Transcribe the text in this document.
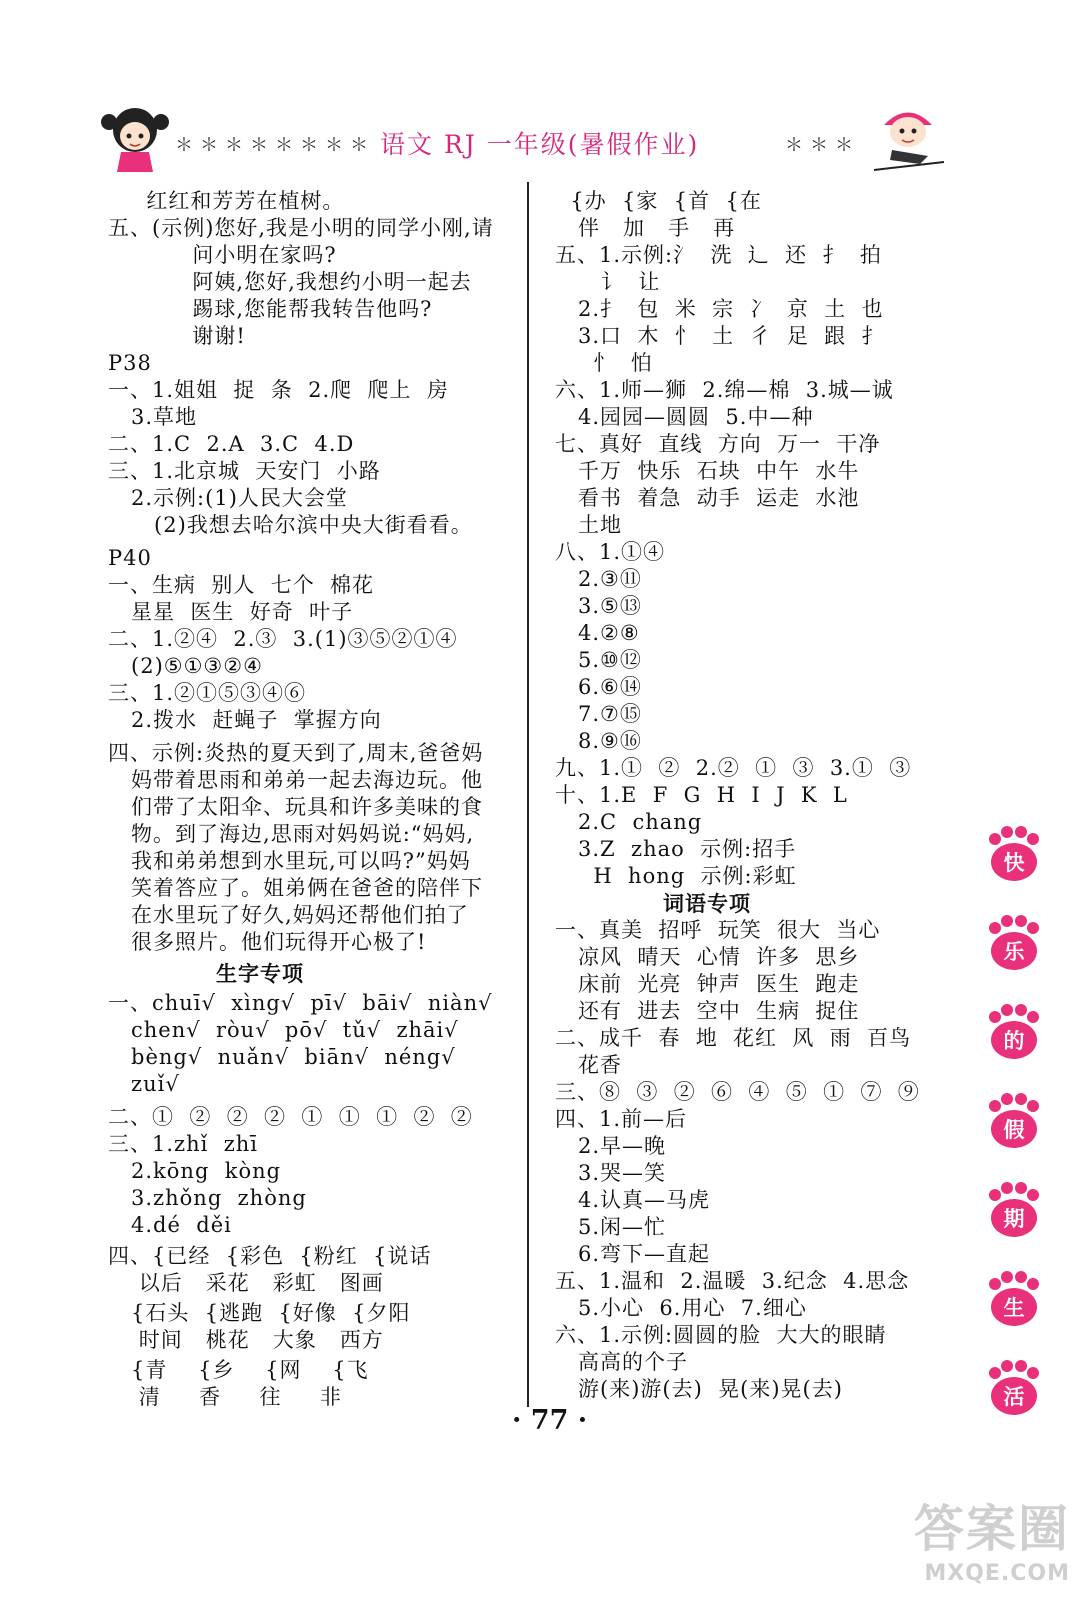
＊＊＊＊＊＊＊＊ 语文 RJ 一年级(暑假作业)	＊＊＊
红红和芳芳在植树。
五、(示例)您好,我是小明的同学小刚,请
问小明在家吗?
阿姨,您好,我想约小明一起去
踢球,您能帮我转告他吗?
谢谢!
P38
一、1.姐姐  捉  条  2.爬  爬上  房
3.草地
二、1.C  2.A  3.C  4.D
三、1.北京城  天安门  小路
2.示例:(1)人民大会堂
(2)我想去哈尔滨中央大街看看。
P40
一、生病  别人  七个  棉花
星星  医生  好奇  叶子
二、1.②④  2.③  3.(1)③⑤②①④
(2)⑤①③②④
三、1.②①⑤③④⑥
2.拨水  赶蝇子  掌握方向
四、示例:炎热的夏天到了,周末,爸爸妈
妈带着思雨和弟弟一起去海边玩。他
们带了太阳伞、玩具和许多美味的食
物。到了海边,思雨对妈妈说:“妈妈,
我和弟弟想到水里玩,可以吗?”妈妈
笑着答应了。姐弟俩在爸爸的陪伴下
在水里玩了好久,妈妈还帮他们拍了
很多照片。他们玩得开心极了!
生字专项
一、chuī√  xìng√  pī√  bāi√  niàn√
chen√  ròu√  pō√  tǔ√  zhāi√
bèng√  nuǎn√  biān√  néng√
zuǐ√
二、①  ②  ②  ②  ①  ①  ①  ②  ②
三、1.zhǐ  zhī
2.kōng  kòng
3.zhǒng  zhòng
4.dé  děi
四、{已经  {彩色  {粉红  {说话
以后   采花   彩虹   图画
{石头  {逃跑  {好像  {夕阳
时间   桃花   大象   西方
{青    {乡    {网    {飞
清     香     往     非
{办  {家  {首  {在
伴   加   手   再
五、1.示例:氵  洗  辶  还  扌  拍
讠  让
2.扌  包  米  宗  冫  京  土  也
3.口  木  忄  土  彳  足  跟  扌
忄  怕
六、1.师—狮  2.绵—棉  3.城—诚
4.园园—圆圆  5.中—种
七、真好  直线  方向  万一  干净
千万  快乐  石块  中午  水牛
看书  着急  动手  运走  水池
土地
八、1.①④
2.③⑪
3.⑤⑬
4.②⑧
5.⑩⑫
6.⑥⑭
7.⑦⑮
8.⑨⑯
九、1.①  ②  2.②  ①  ③  3.①  ③
十、1.E  F  G  H  I  J  K  L
2.C  chang
3.Z  zhao  示例:招手
H  hong  示例:彩虹
词语专项
一、真美  招呼  玩笑  很大  当心
凉风  晴天  心情  许多  思乡
床前  光亮  钟声  医生  跑走
还有  进去  空中  生病  捉住
二、成千  春  地  花红  风  雨  百鸟
花香
三、⑧  ③  ②  ⑥  ④  ⑤  ①  ⑦  ⑨
四、1.前—后
2.早—晚
3.哭—笑
4.认真—马虎
5.闲—忙
6.弯下—直起
五、1.温和  2.温暖  3.纪念  4.思念
5.小心  6.用心  7.细心
六、1.示例:圆圆的脸  大大的眼睛
高高的个子
游(来)游(去)  晃(来)晃(去)
快
乐
的
假
期
生
活
· 77 ·
答案圈
MXQE.COM
